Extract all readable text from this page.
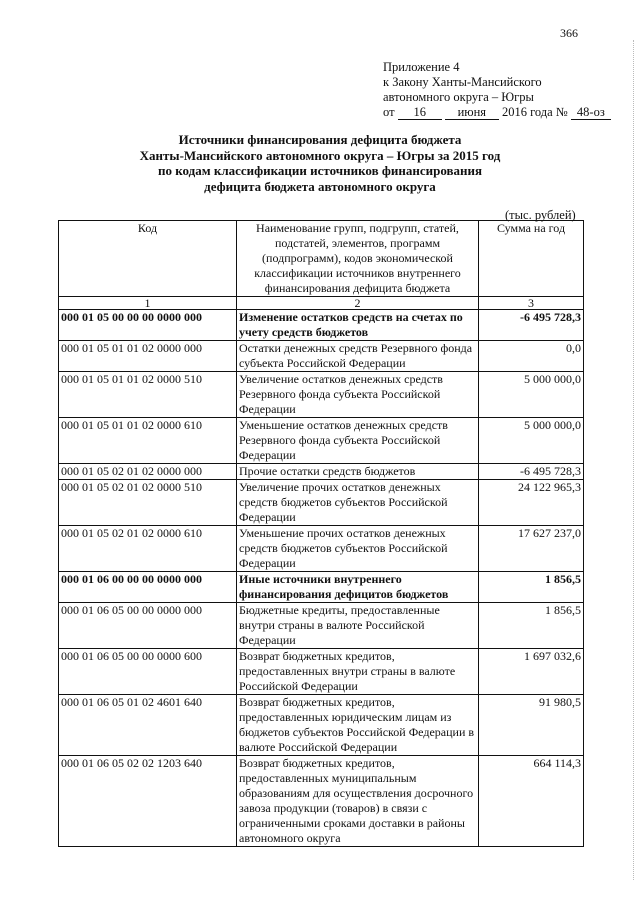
366
Приложение 4
к Закону Ханты-Мансийского
автономного округа – Югры
от 16	июня 2016 года № 48-оз
Источники финансирования дефицита бюджета
Ханты-Мансийского автономного округа – Югры за 2015 год
по кодам классификации источников финансирования
дефицита бюджета автономного округа
(тыс. рублей)
Код	Наименование групп, подгрупп, статей, подстатей, элементов, программ (подпрограмм), кодов экономической классификации источников внутреннего финансирования дефицита бюджета	Сумма на год
1	2	3
000 01 05 00 00 00 0000 000	Изменение остатков средств на счетах по учету средств бюджетов	-6 495 728,3
000 01 05 01 01 02 0000 000	Остатки денежных средств Резервного фонда субъекта Российской Федерации	0,0
000 01 05 01 01 02 0000 510	Увеличение остатков денежных средств Резервного фонда субъекта Российской Федерации	5 000 000,0
000 01 05 01 01 02 0000 610	Уменьшение остатков денежных средств Резервного фонда субъекта Российской Федерации	5 000 000,0
000 01 05 02 01 02 0000 000	Прочие остатки средств бюджетов	-6 495 728,3
000 01 05 02 01 02 0000 510	Увеличение прочих остатков денежных средств бюджетов субъектов Российской Федерации	24 122 965,3
000 01 05 02 01 02 0000 610	Уменьшение прочих остатков денежных средств бюджетов субъектов Российской Федерации	17 627 237,0
000 01 06 00 00 00 0000 000	Иные источники внутреннего финансирования дефицитов бюджетов	1 856,5
000 01 06 05 00 00 0000 000	Бюджетные кредиты, предоставленные внутри страны в валюте Российской Федерации	1 856,5
000 01 06 05 00 00 0000 600	Возврат бюджетных кредитов, предоставленных внутри страны в валюте Российской Федерации	1 697 032,6
000 01 06 05 01 02 4601 640	Возврат бюджетных кредитов, предоставленных юридическим лицам из бюджетов субъектов Российской Федерации в валюте Российской Федерации	91 980,5
000 01 06 05 02 02 1203 640	Возврат бюджетных кредитов, предоставленных муниципальным образованиям для осуществления досрочного завоза продукции (товаров) в связи с ограниченными сроками доставки в районы автономного округа	664 114,3
